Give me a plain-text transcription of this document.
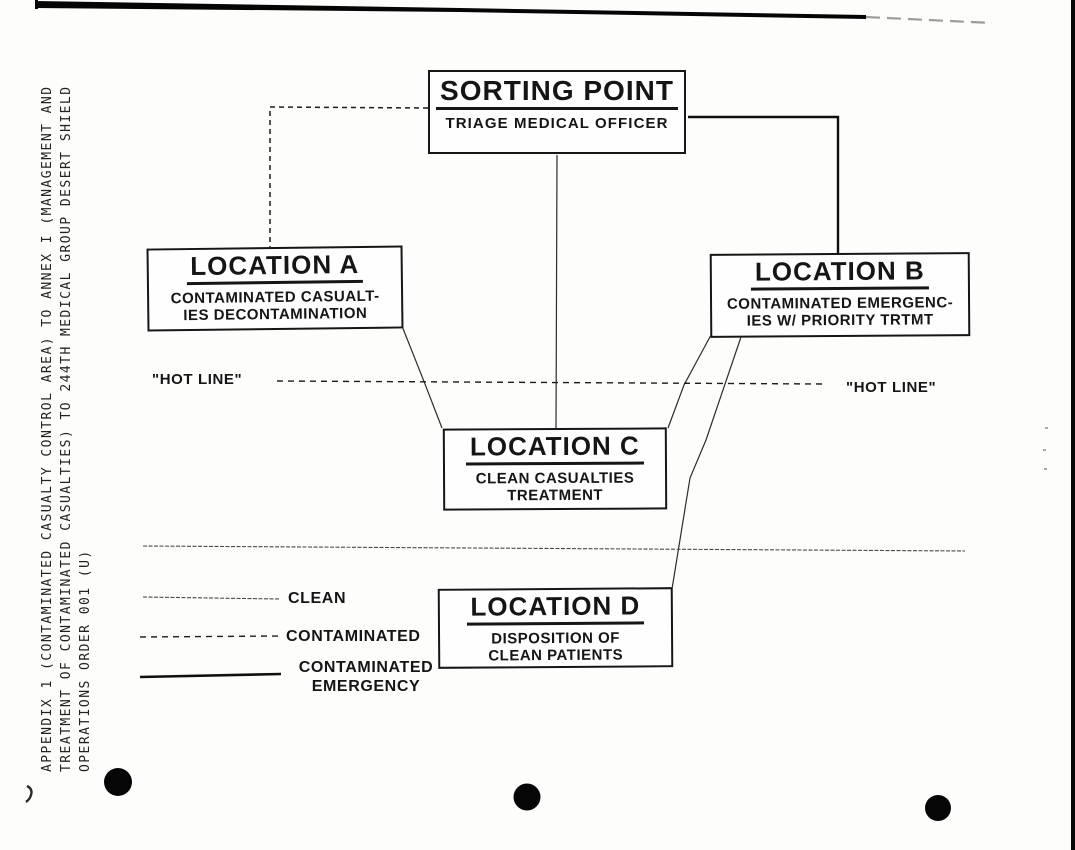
APPENDIX 1 (CONTAMINATED CASUALTY CONTROL AREA) TO ANNEX I (MANAGEMENT AND TREATMENT OF CONTAMINATED CASUALTIES) TO 244TH MEDICAL GROUP DESERT SHIELD OPERATIONS ORDER 001 (U)
SORTING POINT
TRIAGE MEDICAL OFFICER
LOCATION A
CONTAMINATED CASUALT-
IES DECONTAMINATION
LOCATION B
CONTAMINATED EMERGENC-
IES W/ PRIORITY TRTMT
LOCATION C
CLEAN CASUALTIES
TREATMENT
LOCATION D
DISPOSITION OF
CLEAN PATIENTS
"HOT LINE"	"HOT LINE"
CLEAN
CONTAMINATED
CONTAMINATED
EMERGENCY
